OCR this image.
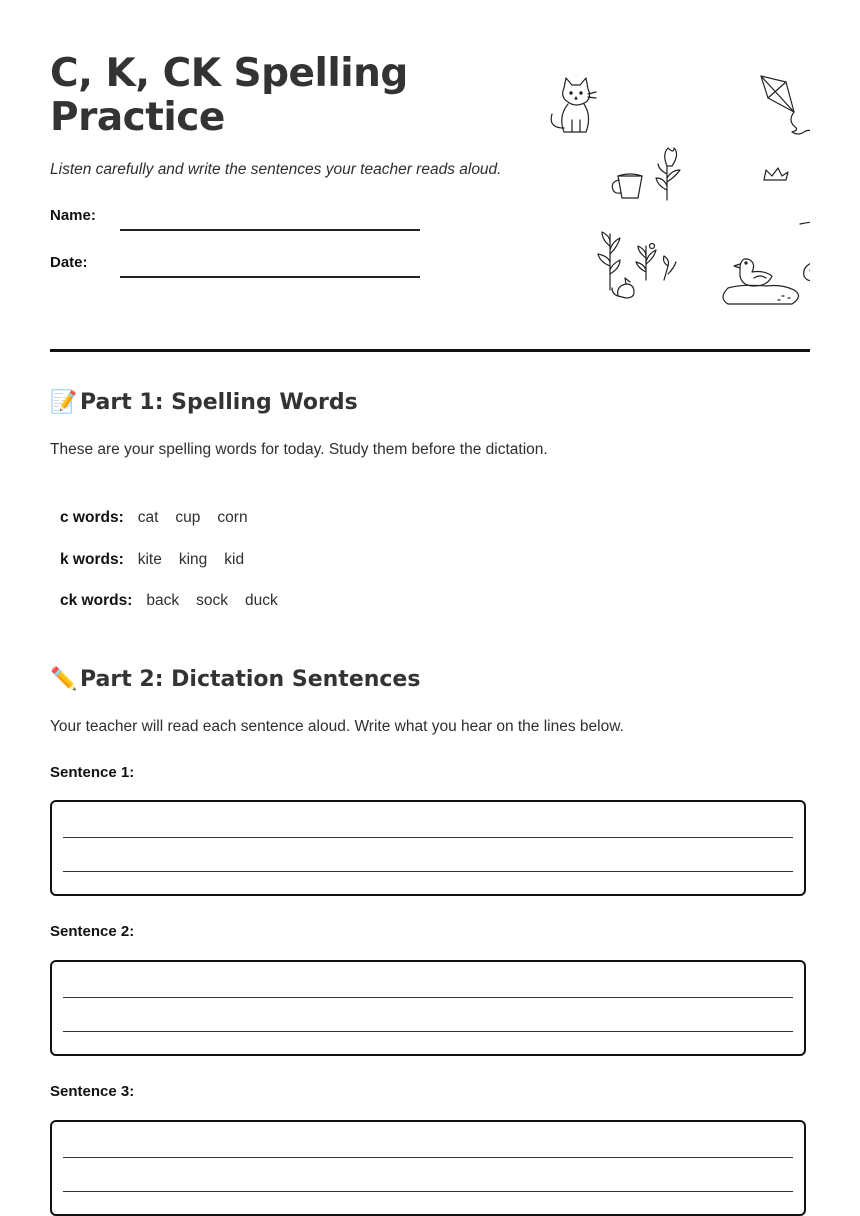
C, K, CK Spelling
Practice
Listen carefully and write the sentences your teacher reads aloud.
Name:
Date:
📝 Part 1: Spelling Words
These are your spelling words for today. Study them before the dictation.
c words: cat cup corn
k words: kite king kid
ck words: back sock duck
✏️ Part 2: Dictation Sentences
Your teacher will read each sentence aloud. Write what you hear on the lines below.
Sentence 1:
Sentence 2:
Sentence 3:
